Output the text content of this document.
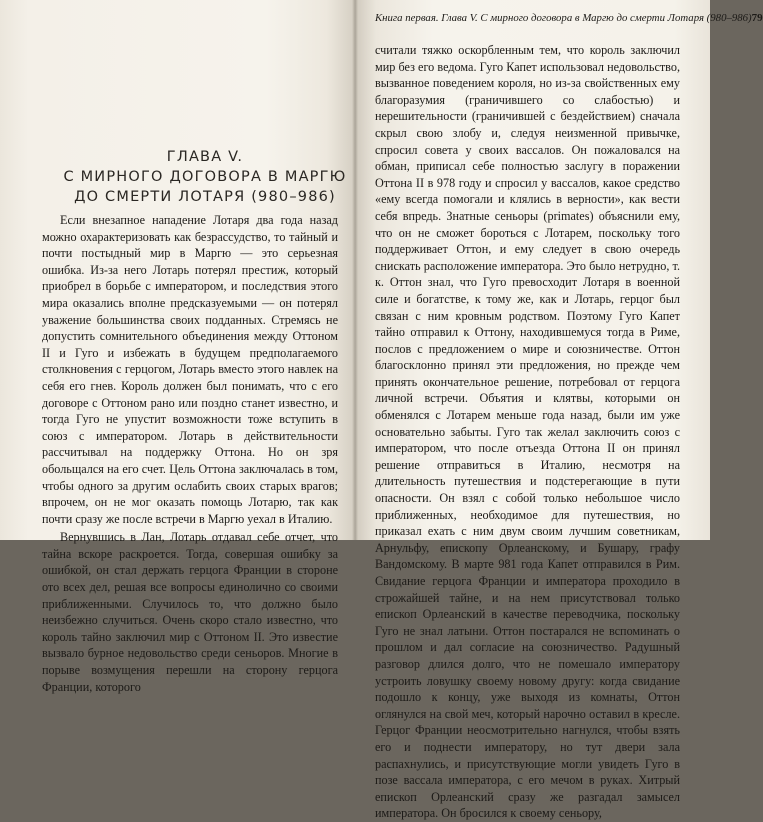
ГЛАВА V.
С МИРНОГО ДОГОВОРА В МАРГЮ
ДО СМЕРТИ ЛОТАРЯ (980–986)

Если внезапное нападение Лотаря два года назад можно охарактеризовать как безрассудство, то тайный и почти постыдный мир в Маргю — это серьезная ошибка. Из-за него Лотарь потерял престиж, который приобрел в борьбе с императором, и последствия этого мира оказались вполне предсказуемыми — он потерял уважение большинства своих подданных. Стремясь не допустить сомнительного объединения между Оттоном II и Гуго и избежать в будущем предполагаемого столкновения с герцогом, Лотарь вместо этого навлек на себя его гнев. Король должен был понимать, что с его договоре с Оттоном рано или поздно станет известно, и тогда Гуго не упустит возможности тоже вступить в союз с императором. Лотарь в действительности рассчитывал на поддержку Оттона. Но он зря обольщался на его счет. Цель Оттона заключалась в том, чтобы одного за другим ослабить своих старых врагов; впрочем, он не мог оказать помощь Лотарю, так как почти сразу же после встречи в Маргю уехал в Италию.

Вернувшись в Лан, Лотарь отдавал себе отчет, что тайна вскоре раскроется. Тогда, совершая ошибку за ошибкой, он стал держать герцога Франции в стороне ото всех дел, решая все вопросы единолично со своими приближенными. Случилось то, что должно было неизбежно случиться. Очень скоро стало известно, что король тайно заключил мир с Оттоном II. Это известие вызвало бурное недовольство среди сеньоров. Многие в порыве возмущения перешли на сторону герцога Франции, которого

Книга первая. Глава V. С мирного договора в Маргю до смерти Лотаря (980–986) 79

считали тяжко оскорбленным тем, что король заключил мир без его ведома. Гуго Капет использовал недовольство, вызванное поведением короля, но из-за свойственных ему благоразумия (граничившего со слабостью) и нерешительности (граничившей с бездействием) сначала скрыл свою злобу и, следуя неизменной привычке, спросил совета у своих вассалов. Он пожаловался на обман, приписал себе полностью заслугу в поражении Оттона II в 978 году и спросил у вассалов, какое средство «ему всегда помогали и клялись в верности», как вести себя впредь. Знатные сеньоры (primates) объяснили ему, что он не сможет бороться с Лотарем, поскольку того поддерживает Оттон, и ему следует в свою очередь снискать расположение императора. Это было нетрудно, т. к. Оттон знал, что Гуго превосходит Лотаря в военной силе и богатстве, к тому же, как и Лотарь, герцог был связан с ним кровным родством. Поэтому Гуго Капет тайно отправил к Оттону, находившемуся тогда в Риме, послов с предложением о мире и союзничестве. Оттон благосклонно принял эти предложения, но прежде чем принять окончательное решение, потребовал от герцога личной встречи. Объятия и клятвы, которыми он обменялся с Лотарем меньше года назад, были им уже основательно забыты. Гуго так желал заключить союз с императором, что после отъезда Оттона II он принял решение отправиться в Италию, несмотря на длительность путешествия и подстерегающие в пути опасности. Он взял с собой только небольшое число приближенных, необходимое для путешествия, но приказал ехать с ним двум своим лучшим советникам, Арнульфу, епископу Орлеанскому, и Бушару, графу Вандомскому. В марте 981 года Капет отправился в Рим. Свидание герцога Франции и императора проходило в строжайшей тайне, и на нем присутствовал только епископ Орлеанский в качестве переводчика, поскольку Гуго не знал латыни. Оттон постарался не вспоминать о прошлом и дал согласие на союзничество. Радушный разговор длился долго, что не помешало императору устроить ловушку своему новому другу: когда свидание подошло к концу, уже выходя из комнаты, Оттон оглянулся на свой меч, который нарочно оставил в кресле. Герцог Франции неосмотрительно нагнулся, чтобы взять его и поднести императору, но тут двери зала распахнулись, и присутствующие могли увидеть Гуго в позе вассала императора, с его мечом в руках. Хитрый епископ Орлеанский сразу же разгадал замысел императора. Он бросился к своему сеньору,
